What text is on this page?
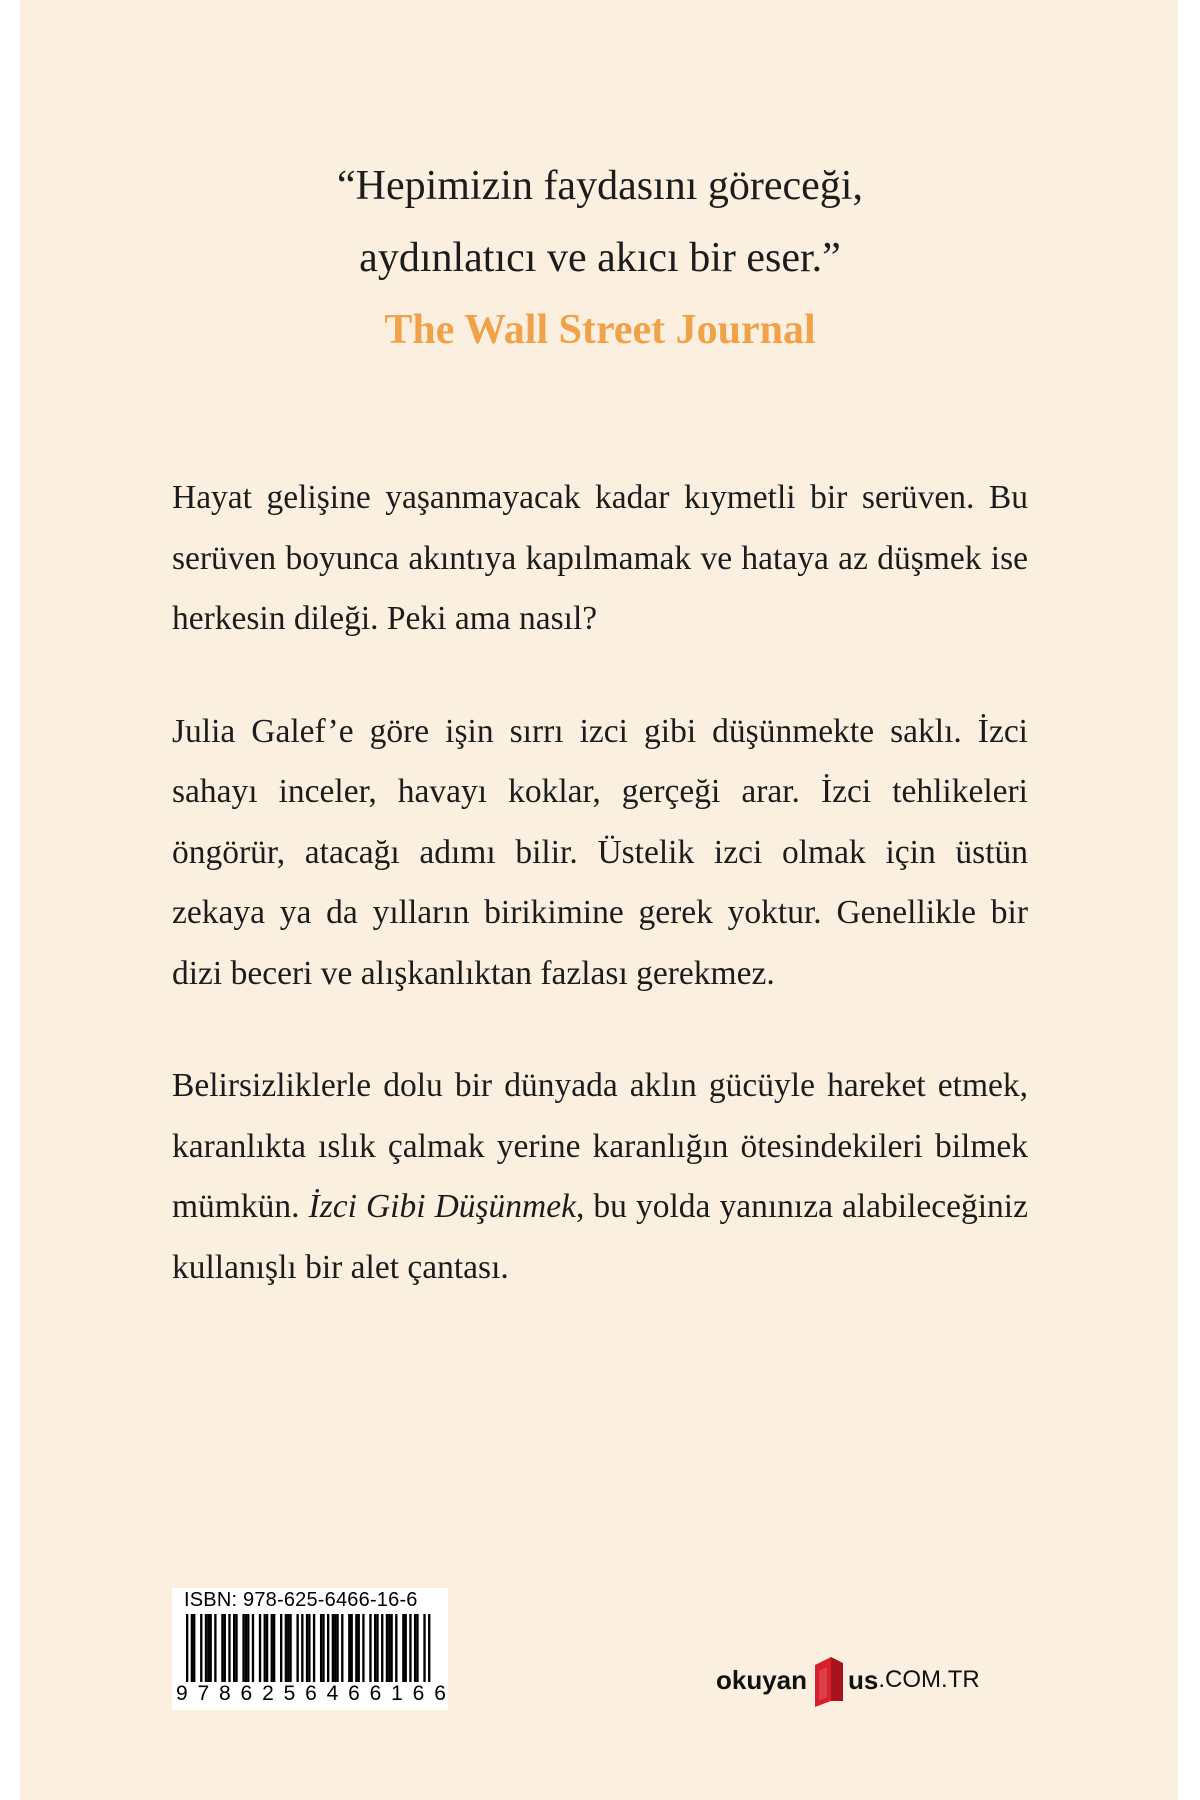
“Hepimizin faydasını göreceği,

aydınlatıcı ve akıcı bir eser.”

The Wall Street Journal

Hayat gelişine yaşanmayacak kadar kıymetli bir serüven. Bu serüven boyunca akıntıya kapılmamak ve hataya az düşmek ise herkesin dileği. Peki ama nasıl?

Julia Galef’e göre işin sırrı izci gibi düşünmekte saklı. İzci sahayı inceler, havayı koklar, gerçeği arar. İzci tehlikeleri öngörür, atacağı adımı bilir. Üstelik izci olmak için üstün zekaya ya da yılların birikimine gerek yoktur. Genellikle bir dizi beceri ve alışkanlıktan fazlası gerekmez.

Belirsizliklerle dolu bir dünyada aklın gücüyle hareket etmek, karanlıkta ıslık çalmak yerine karanlığın ötesindekileri bilmek mümkün. İzci Gibi Düşünmek, bu yolda yanınıza alabileceğiniz kullanışlı bir alet çantası.

ISBN: 978-625-6466-16-6
9 7 8 6 2 5 6 4 6 6 1 6 6	okuyan us .COM.TR
